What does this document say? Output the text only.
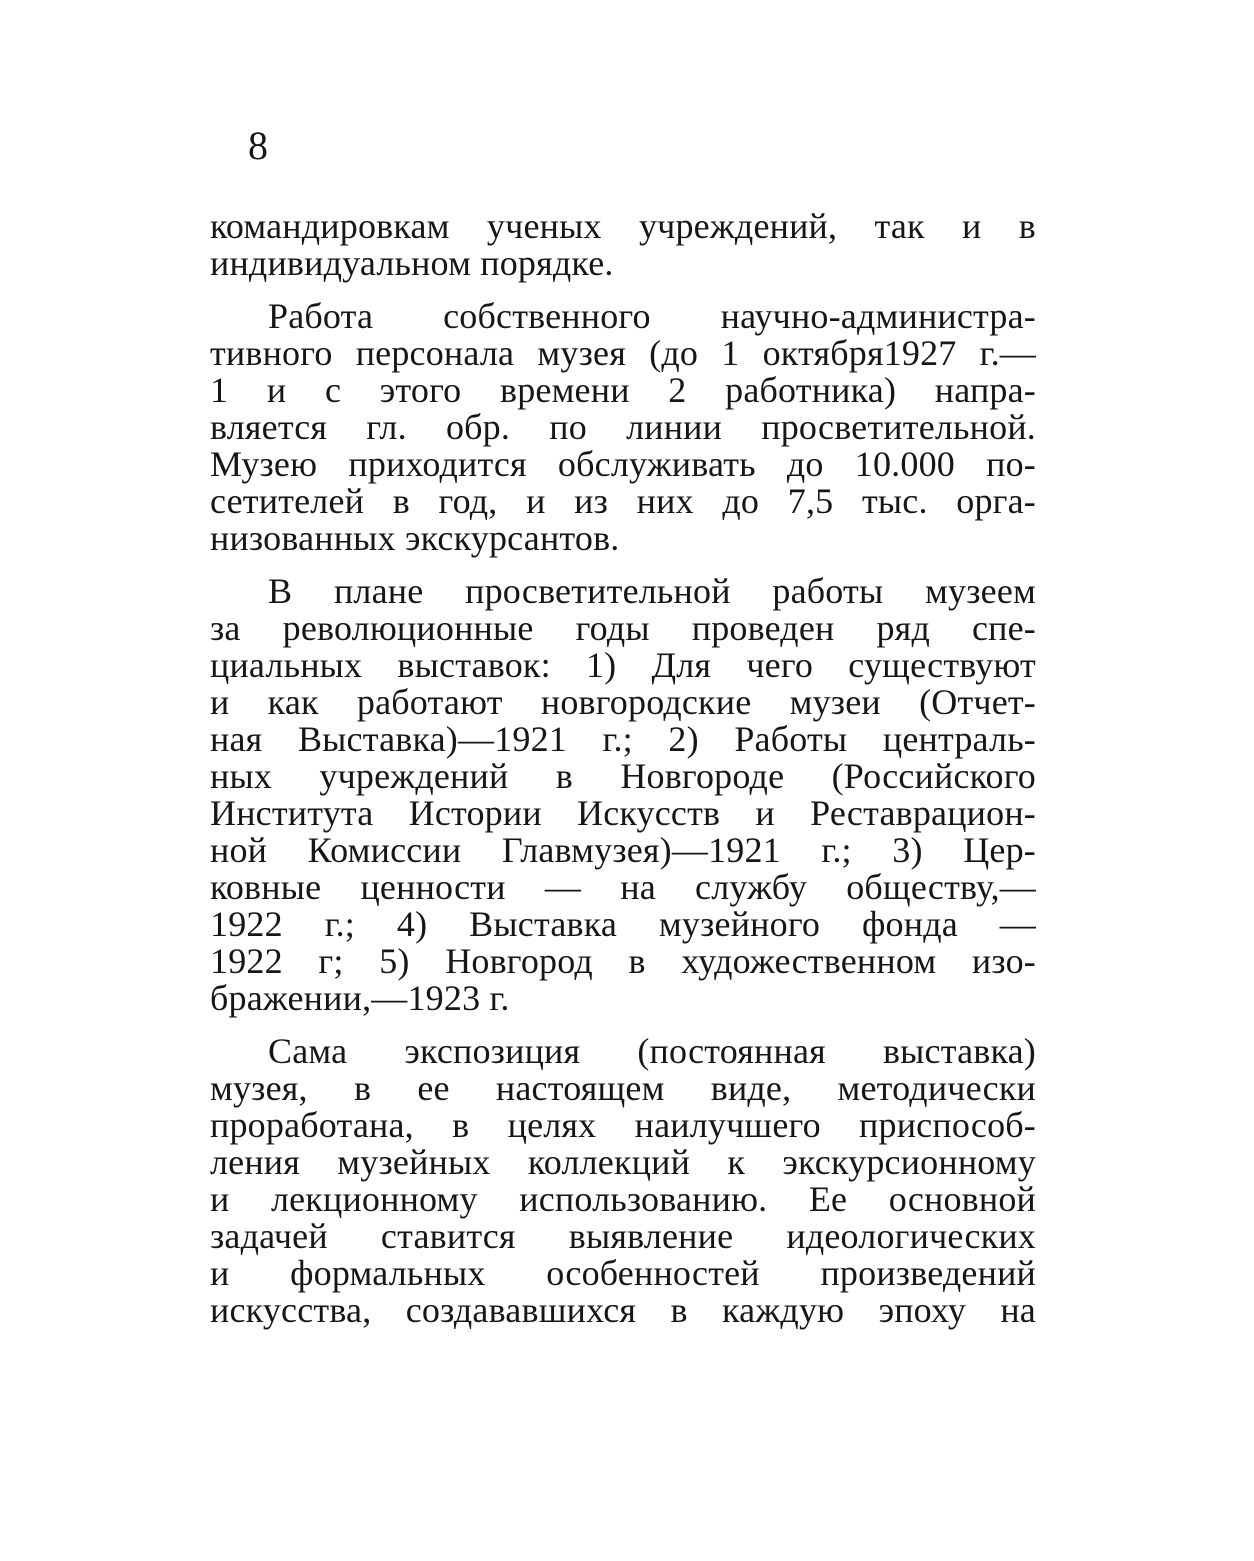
8

командировкам ученых учреждений, так и в
индивидуальном порядке.

Работа собственного научно-администра-
тивного персонала музея (до 1 октября1927 г.—
1 и с этого времени 2 работника) напра-
вляется гл. обр. по линии просветительной.
Музею приходится обслуживать до 10.000 по-
сетителей в год, и из них до 7,5 тыс. орга-
низованных экскурсантов.

В плане просветительной работы музеем
за революционные годы проведен ряд спе-
циальных выставок: 1) Для чего существуют
и как работают новгородские музеи (Отчет-
ная Выставка)—1921 г.; 2) Работы централь-
ных учреждений в Новгороде (Российского
Института Истории Искусств и Реставрацион-
ной Комиссии Главмузея)—1921 г.; 3) Цер-
ковные ценности — на службу обществу,—
1922 г.; 4) Выставка музейного фонда —
1922 г; 5) Новгород в художественном изо-
бражении,—1923 г.

Сама экспозиция (постоянная выставка)
музея, в ее настоящем виде, методически
проработана, в целях наилучшего приспособ-
ления музейных коллекций к экскурсионному
и лекционному использованию. Ее основной
задачей ставится выявление идеологических
и формальных особенностей произведений
искусства, создававшихся в каждую эпоху на
